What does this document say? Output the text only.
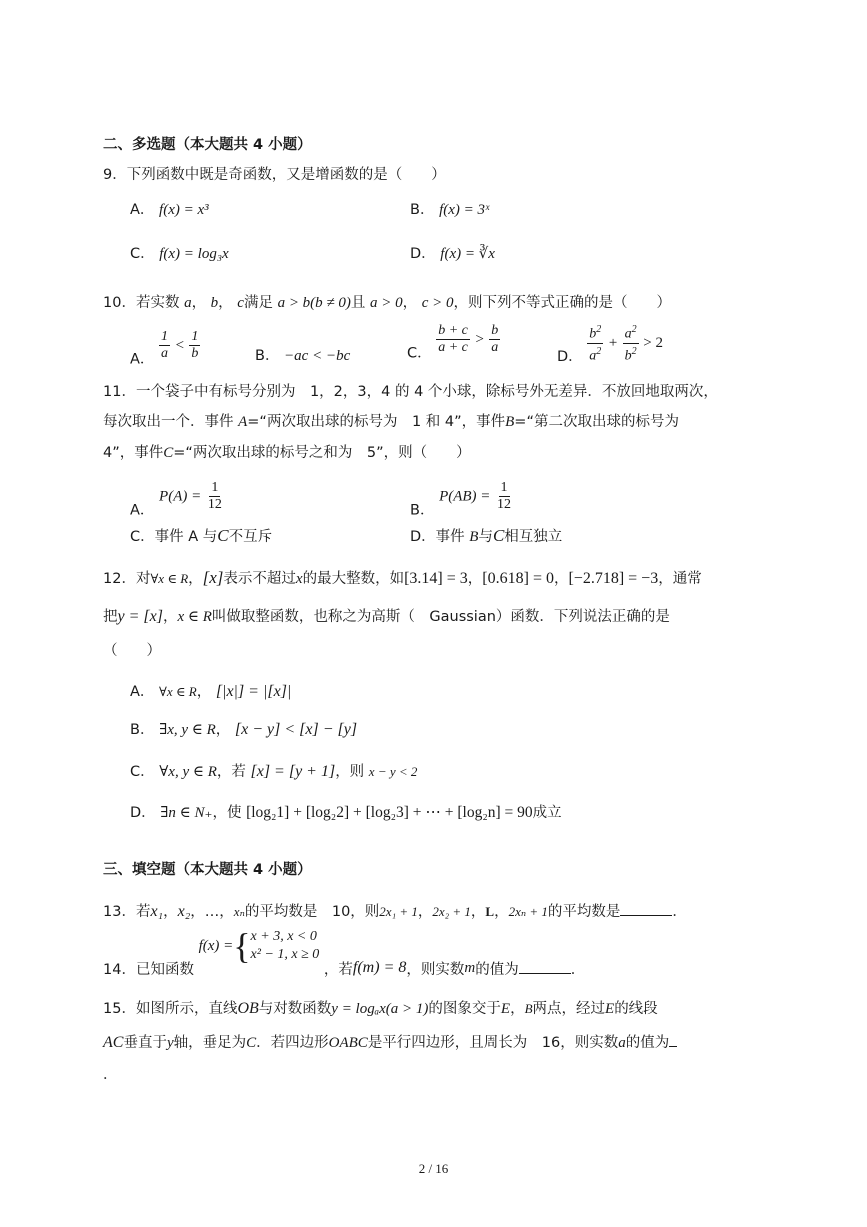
二、多选题（本大题共 4 小题）
9．下列函数中既是奇函数，又是增函数的是（　　）
A． f(x) = x³	B． f(x) = 3ˣ
C． f(x) = log₃x	D． f(x) = ∛x
10．若实数 a， b， c满足 a > b(b ≠ 0)且 a > 0， c > 0，则下列不等式正确的是（　　）
A． $\frac{1}{a} < \frac{1}{b}$	B． −ac < −bc	C． $\frac{b + c}{a + c} > \frac{b}{a}$
D． $\frac{b^2}{a^2} + \frac{a^2}{b^2} > 2$
11．一个袋子中有标号分别为　1，2，3，4 的 4 个小球，除标号外无差异．不放回地取两次，
每次取出一个．事件 A=“两次取出球的标号为　1 和 4”，事件B=“第二次取出球的标号为
4”，事件C=“两次取出球的标号之和为　5”，则（　　）
A． $P(A) = \frac{1}{12}$	B． $P(AB) = \frac{1}{12}$
C．事件 A 与C不互斥	D．事件 B与C相互独立
12．对∀x ∈ R，[x]表示不超过x的最大整数，如[3.14] = 3，[0.618] = 0，[−2.718] = −3，通常
把y = [x]，x ∈ R叫做取整函数，也称之为高斯（　Gaussian）函数．下列说法正确的是
（　　）
A． ∀x ∈ R， [|x|] = |[x]|
B． ∃x, y ∈ R， [x − y] < [x] − [y]
C． ∀x, y ∈ R，若 [x] = [y + 1]，则 x − y < 2
D． ∃n ∈ N₊，使 [log₂1] + [log₂2] + [log₂3] + ⋯ + [log₂n] = 90成立
三、填空题（本大题共 4 小题）
13．若x₁，x₂，…，xₙ的平均数是　10，则2x₁ + 1，2x₂ + 1，L，2xₙ + 1的平均数是	．
14．已知函数
f(x) = { x + 3, x < 0
x² − 1, x ≥ 0
，若f(m) = 8，则实数m的值为	．
15．如图所示，直线OB与对数函数y = logₐx(a > 1)的图象交于E，B两点，经过E的线段
AC垂直于y轴，垂足为C．若四边形OABC是平行四边形，且周长为　16，则实数a的值为
．
2 / 16
